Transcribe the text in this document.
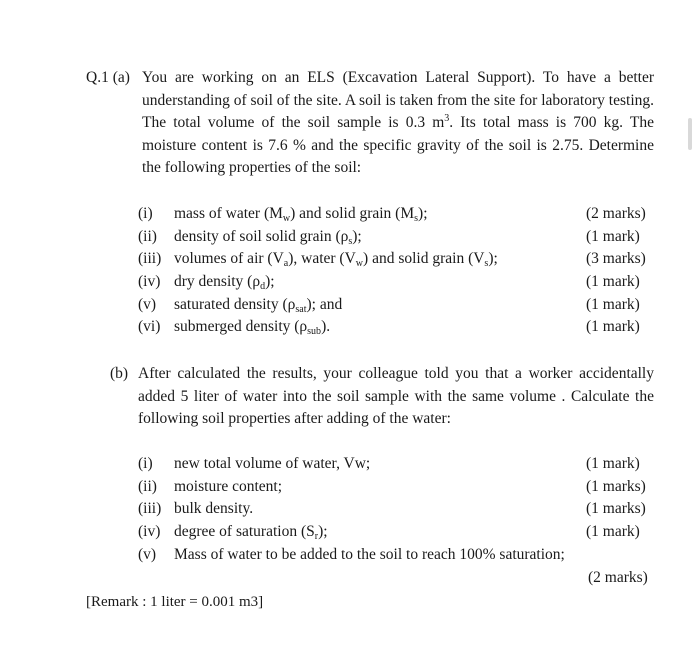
Q.1 (a) You are working on an ELS (Excavation Lateral Support). To have a better understanding of soil of the site. A soil is taken from the site for laboratory testing. The total volume of the soil sample is 0.3 $m^3$. Its total mass is 700 kg. The moisture content is 7.6 % and the specific gravity of the soil is 2.75. Determine the following properties of the soil:
(i) mass of water $(M_w)$ and solid grain $(M_s)$;	(2 marks)
(ii) density of soil solid grain $(\rho_s)$;	(1 mark)
(iii) volumes of air $(V_a)$, water $(V_w)$ and solid grain $(V_s)$;	(3 marks)
(iv) dry density $(\rho_d)$;	(1 mark)
(v) saturated density $(\rho_{sat})$; and	(1 mark)
(vi) submerged density $(\rho_{sub})$.	(1 mark)
(b) After calculated the results, your colleague told you that a worker accidentally added 5 liter of water into the soil sample with the same volume . Calculate the following soil properties after adding of the water:
(i) new total volume of water, Vw;	(1 mark)
(ii) moisture content;	(1 marks)
(iii) bulk density.	(1 marks)
(iv) degree of saturation $(S_r)$;	(1 mark)
(v) Mass of water to be added to the soil to reach 100% saturation;
(2 marks)
[Remark : 1 liter = 0.001 m3]
